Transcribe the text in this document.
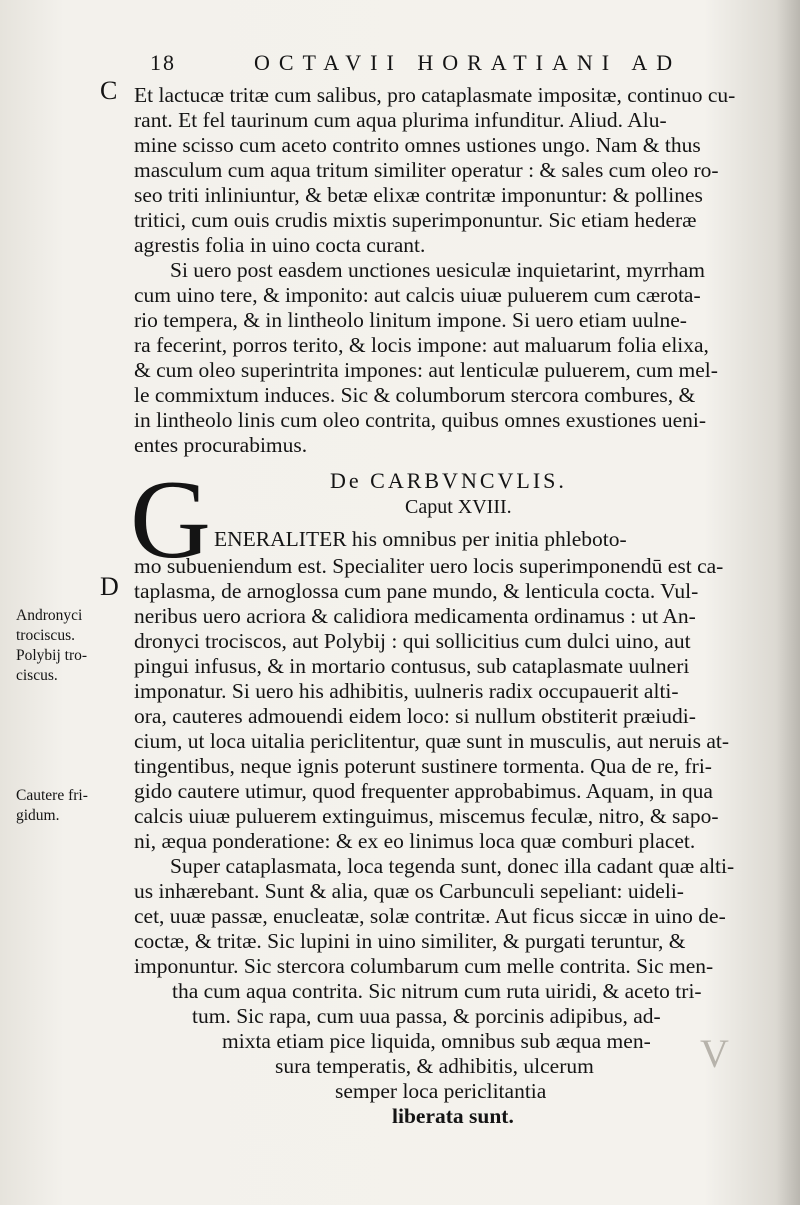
18	OCTAVII HORATIANI AD
C
D
Et lactucæ tritæ cum salibus, pro cataplasmate impositæ, continuo cu-
rant. Et fel taurinum cum aqua plurima infunditur. Aliud. Alu-
mine scisso cum aceto contrito omnes ustiones ungo. Nam & thus
masculum cum aqua tritum similiter operatur : & sales cum oleo ro-
seo triti inliniuntur, & betæ elixæ contritæ imponuntur: & pollines
tritici, cum ouis crudis mixtis superimponuntur. Sic etiam hederæ
agrestis folia in uino cocta curant.
Si uero post easdem unctiones uesiculæ inquietarint, myrrham
cum uino tere, & imponito: aut calcis uiuæ puluerem cum cærota-
rio tempera, & in lintheolo linitum impone. Si uero etiam uulne-
ra fecerint, porros terito, & locis impone: aut maluarum folia elixa,
& cum oleo superintrita impones: aut lenticulæ puluerem, cum mel-
le commixtum induces. Sic & columborum stercora combures, &
in lintheolo linis cum oleo contrita, quibus omnes exustiones ueni-
entes procurabimus.
G	De CARBVNCVLIS.
Caput XVIII.
ENERALITER his omnibus per initia phleboto-
mo subueniendum est. Specialiter uero locis superimponendū est ca-
taplasma, de arnoglossa cum pane mundo, & lenticula cocta. Vul-
neribus uero acriora & calidiora medicamenta ordinamus : ut An-
dronyci trociscos, aut Polybij : qui sollicitius cum dulci uino, aut
pingui infusus, & in mortario contusus, sub cataplasmate uulneri
imponatur. Si uero his adhibitis, uulneris radix occupauerit alti-
ora, cauteres admouendi eidem loco: si nullum obstiterit præiudi-
cium, ut loca uitalia periclitentur, quæ sunt in musculis, aut neruis at-
tingentibus, neque ignis poterunt sustinere tormenta. Qua de re, fri-
gido cautere utimur, quod frequenter approbabimus. Aquam, in qua
calcis uiuæ puluerem extinguimus, miscemus feculæ, nitro, & sapo-
ni, æqua ponderatione: & ex eo linimus loca quæ comburi placet.
Super cataplasmata, loca tegenda sunt, donec illa cadant quæ alti-
us inhærebant. Sunt & alia, quæ os Carbunculi sepeliant: uideli-
cet, uuæ passæ, enucleatæ, solæ contritæ. Aut ficus siccæ in uino de-
coctæ, & tritæ. Sic lupini in uino similiter, & purgati teruntur, &
imponuntur. Sic stercora columbarum cum melle contrita. Sic men-
tha cum aqua contrita. Sic nitrum cum ruta uiridi, & aceto tri-
tum. Sic rapa, cum uua passa, & porcinis adipibus, ad-
mixta etiam pice liquida, omnibus sub æqua men-
sura temperatis, & adhibitis, ulcerum
semper loca periclitantia
liberata sunt.
Andronyci
trociscus.
Polybij tro-
ciscus.
Cautere fri-
gidum.
V
